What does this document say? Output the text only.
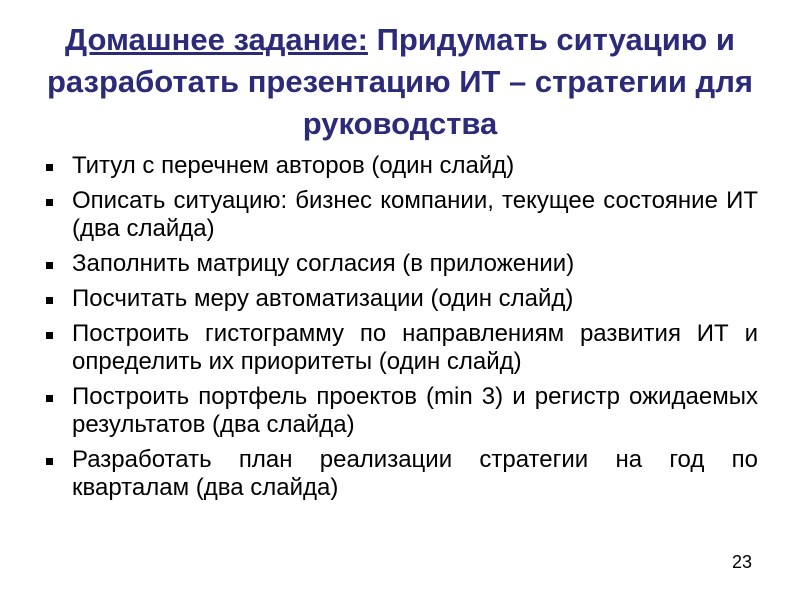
Домашнее задание: Придумать ситуацию и разработать презентацию ИТ – стратегии для руководства
Титул с перечнем авторов (один слайд)
Описать ситуацию: бизнес компании, текущее состояние ИТ (два слайда)
Заполнить матрицу согласия (в приложении)
Посчитать меру автоматизации (один слайд)
Построить гистограмму по направлениям развития ИТ и определить их приоритеты (один слайд)
Построить портфель проектов (min 3) и регистр ожидаемых результатов (два слайда)
Разработать план реализации стратегии на год по кварталам (два слайда)
23
